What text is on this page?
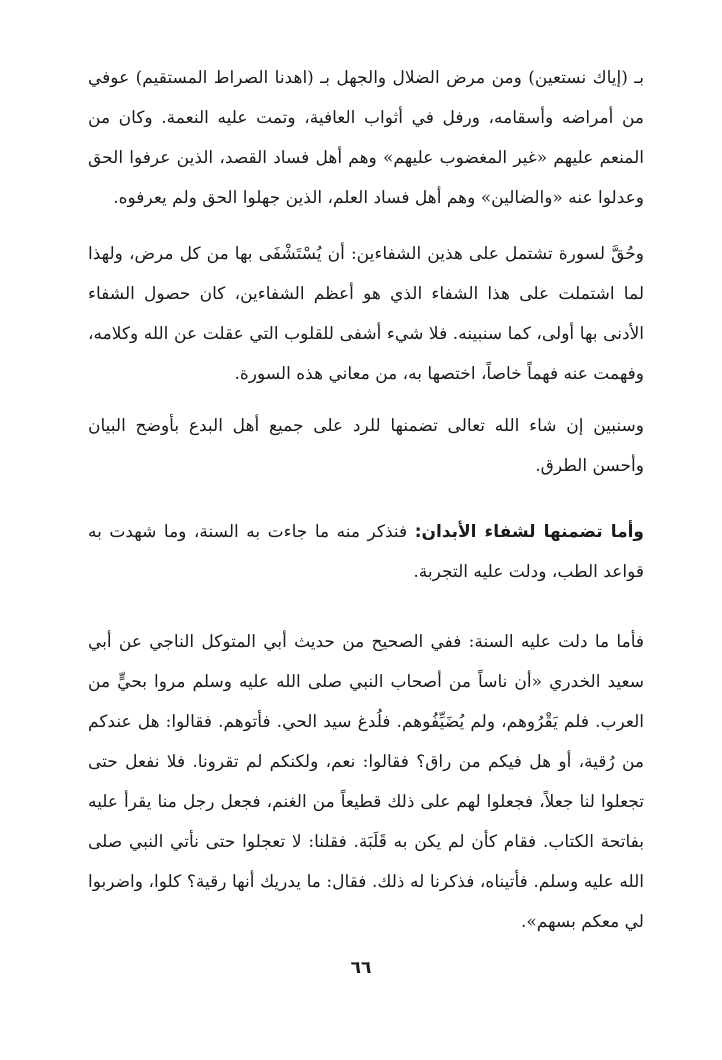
بـ (إياك نستعين) ومن مرض الضلال والجهل بـ (اهدنا الصراط المستقيم) عوفي من أمراضه وأسقامه، ورفل في أثواب العافية، وتمت عليه النعمة. وكان من المنعم عليهم «غير المغضوب عليهم» وهم أهل فساد القصد، الذين عرفوا الحق وعدلوا عنه «والضالين» وهم أهل فساد العلم، الذين جهلوا الحق ولم يعرفوه.

وحُقَّ لسورة تشتمل على هذين الشفاءين: أن يُسْتَشْفَى بها من كل مرض، ولهذا لما اشتملت على هذا الشفاء الذي هو أعظم الشفاءين، كان حصول الشفاء الأدنى بها أولى، كما سنبينه. فلا شيء أشفى للقلوب التي عقلت عن الله وكلامه، وفهمت عنه فهماً خاصاً، اختصها به، من معاني هذه السورة.

وسنبين إن شاء الله تعالى تضمنها للرد على جميع أهل البدع بأوضح البيان وأحسن الطرق.

وأما تضمنها لشفاء الأبدان: فنذكر منه ما جاءت به السنة، وما شهدت به قواعد الطب، ودلت عليه التجربة.

فأما ما دلت عليه السنة: ففي الصحيح من حديث أبي المتوكل الناجي عن أبي سعيد الخدري «أن ناساً من أصحاب النبي صلى الله عليه وسلم مروا بحيٍّ من العرب. فلم يَقْرُوهم، ولم يُضَيِّفُوهم. فلُدغ سيد الحي. فأتوهم. فقالوا: هل عندكم من رُقية، أو هل فيكم من راق؟ فقالوا: نعم، ولكنكم لم تقرونا. فلا نفعل حتى تجعلوا لنا جعلاً، فجعلوا لهم على ذلك قطيعاً من الغنم، فجعل رجل منا يقرأ عليه بفاتحة الكتاب. فقام كأن لم يكن به قَلَبَة. فقلنا: لا تعجلوا حتى نأتي النبي صلى الله عليه وسلم. فأتيناه، فذكرنا له ذلك. فقال: ما يدريك أنها رقية؟ كلوا، واضربوا لي معكم بسهم».

٦٦
